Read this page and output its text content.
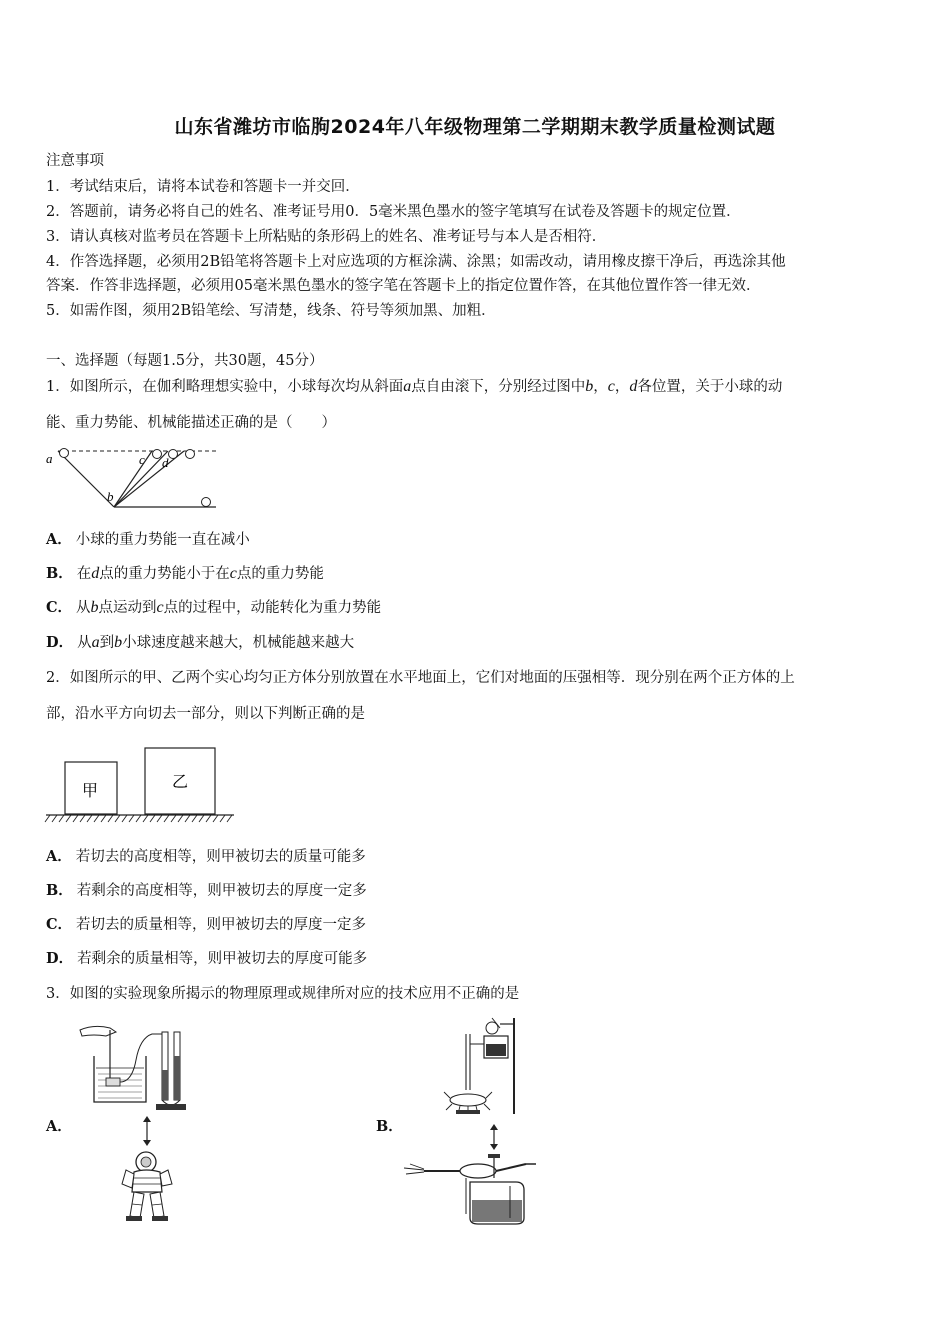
山东省潍坊市临朐2024年八年级物理第二学期期末教学质量检测试题
注意事项
1．考试结束后，请将本试卷和答题卡一并交回．
2．答题前，请务必将自己的姓名、准考证号用0．5毫米黑色墨水的签字笔填写在试卷及答题卡的规定位置．
3．请认真核对监考员在答题卡上所粘贴的条形码上的姓名、准考证号与本人是否相符．
4．作答选择题，必须用2B铅笔将答题卡上对应选项的方框涂满、涂黑；如需改动，请用橡皮擦干净后，再选涂其他
答案．作答非选择题，必须用05毫米黑色墨水的签字笔在答题卡上的指定位置作答，在其他位置作答一律无效．
5．如需作图，须用2B铅笔绘、写清楚，线条、符号等须加黑、加粗．
一、选择题（每题1.5分，共30题，45分）
1．如图所示，在伽利略理想实验中，小球每次均从斜面a点自由滚下，分别经过图中b，c，d各位置，关于小球的动
能、重力势能、机械能描述正确的是（　　）
a
b
c d
A． 小球的重力势能一直在减小
B． 在d点的重力势能小于在c点的重力势能
C． 从b点运动到c点的过程中，动能转化为重力势能
D． 从a到b小球速度越来越大，机械能越来越大
2．如图所示的甲、乙两个实心均匀正方体分别放置在水平地面上，它们对地面的压强相等．现分别在两个正方体的上
部，沿水平方向切去一部分，则以下判断正确的是
甲
乙
A． 若切去的高度相等，则甲被切去的质量可能多
B． 若剩余的高度相等，则甲被切去的厚度一定多
C． 若切去的质量相等，则甲被切去的厚度一定多
D． 若剩余的质量相等，则甲被切去的厚度可能多
3．如图的实验现象所揭示的物理原理或规律所对应的技术应用不正确的是
A．	B．
